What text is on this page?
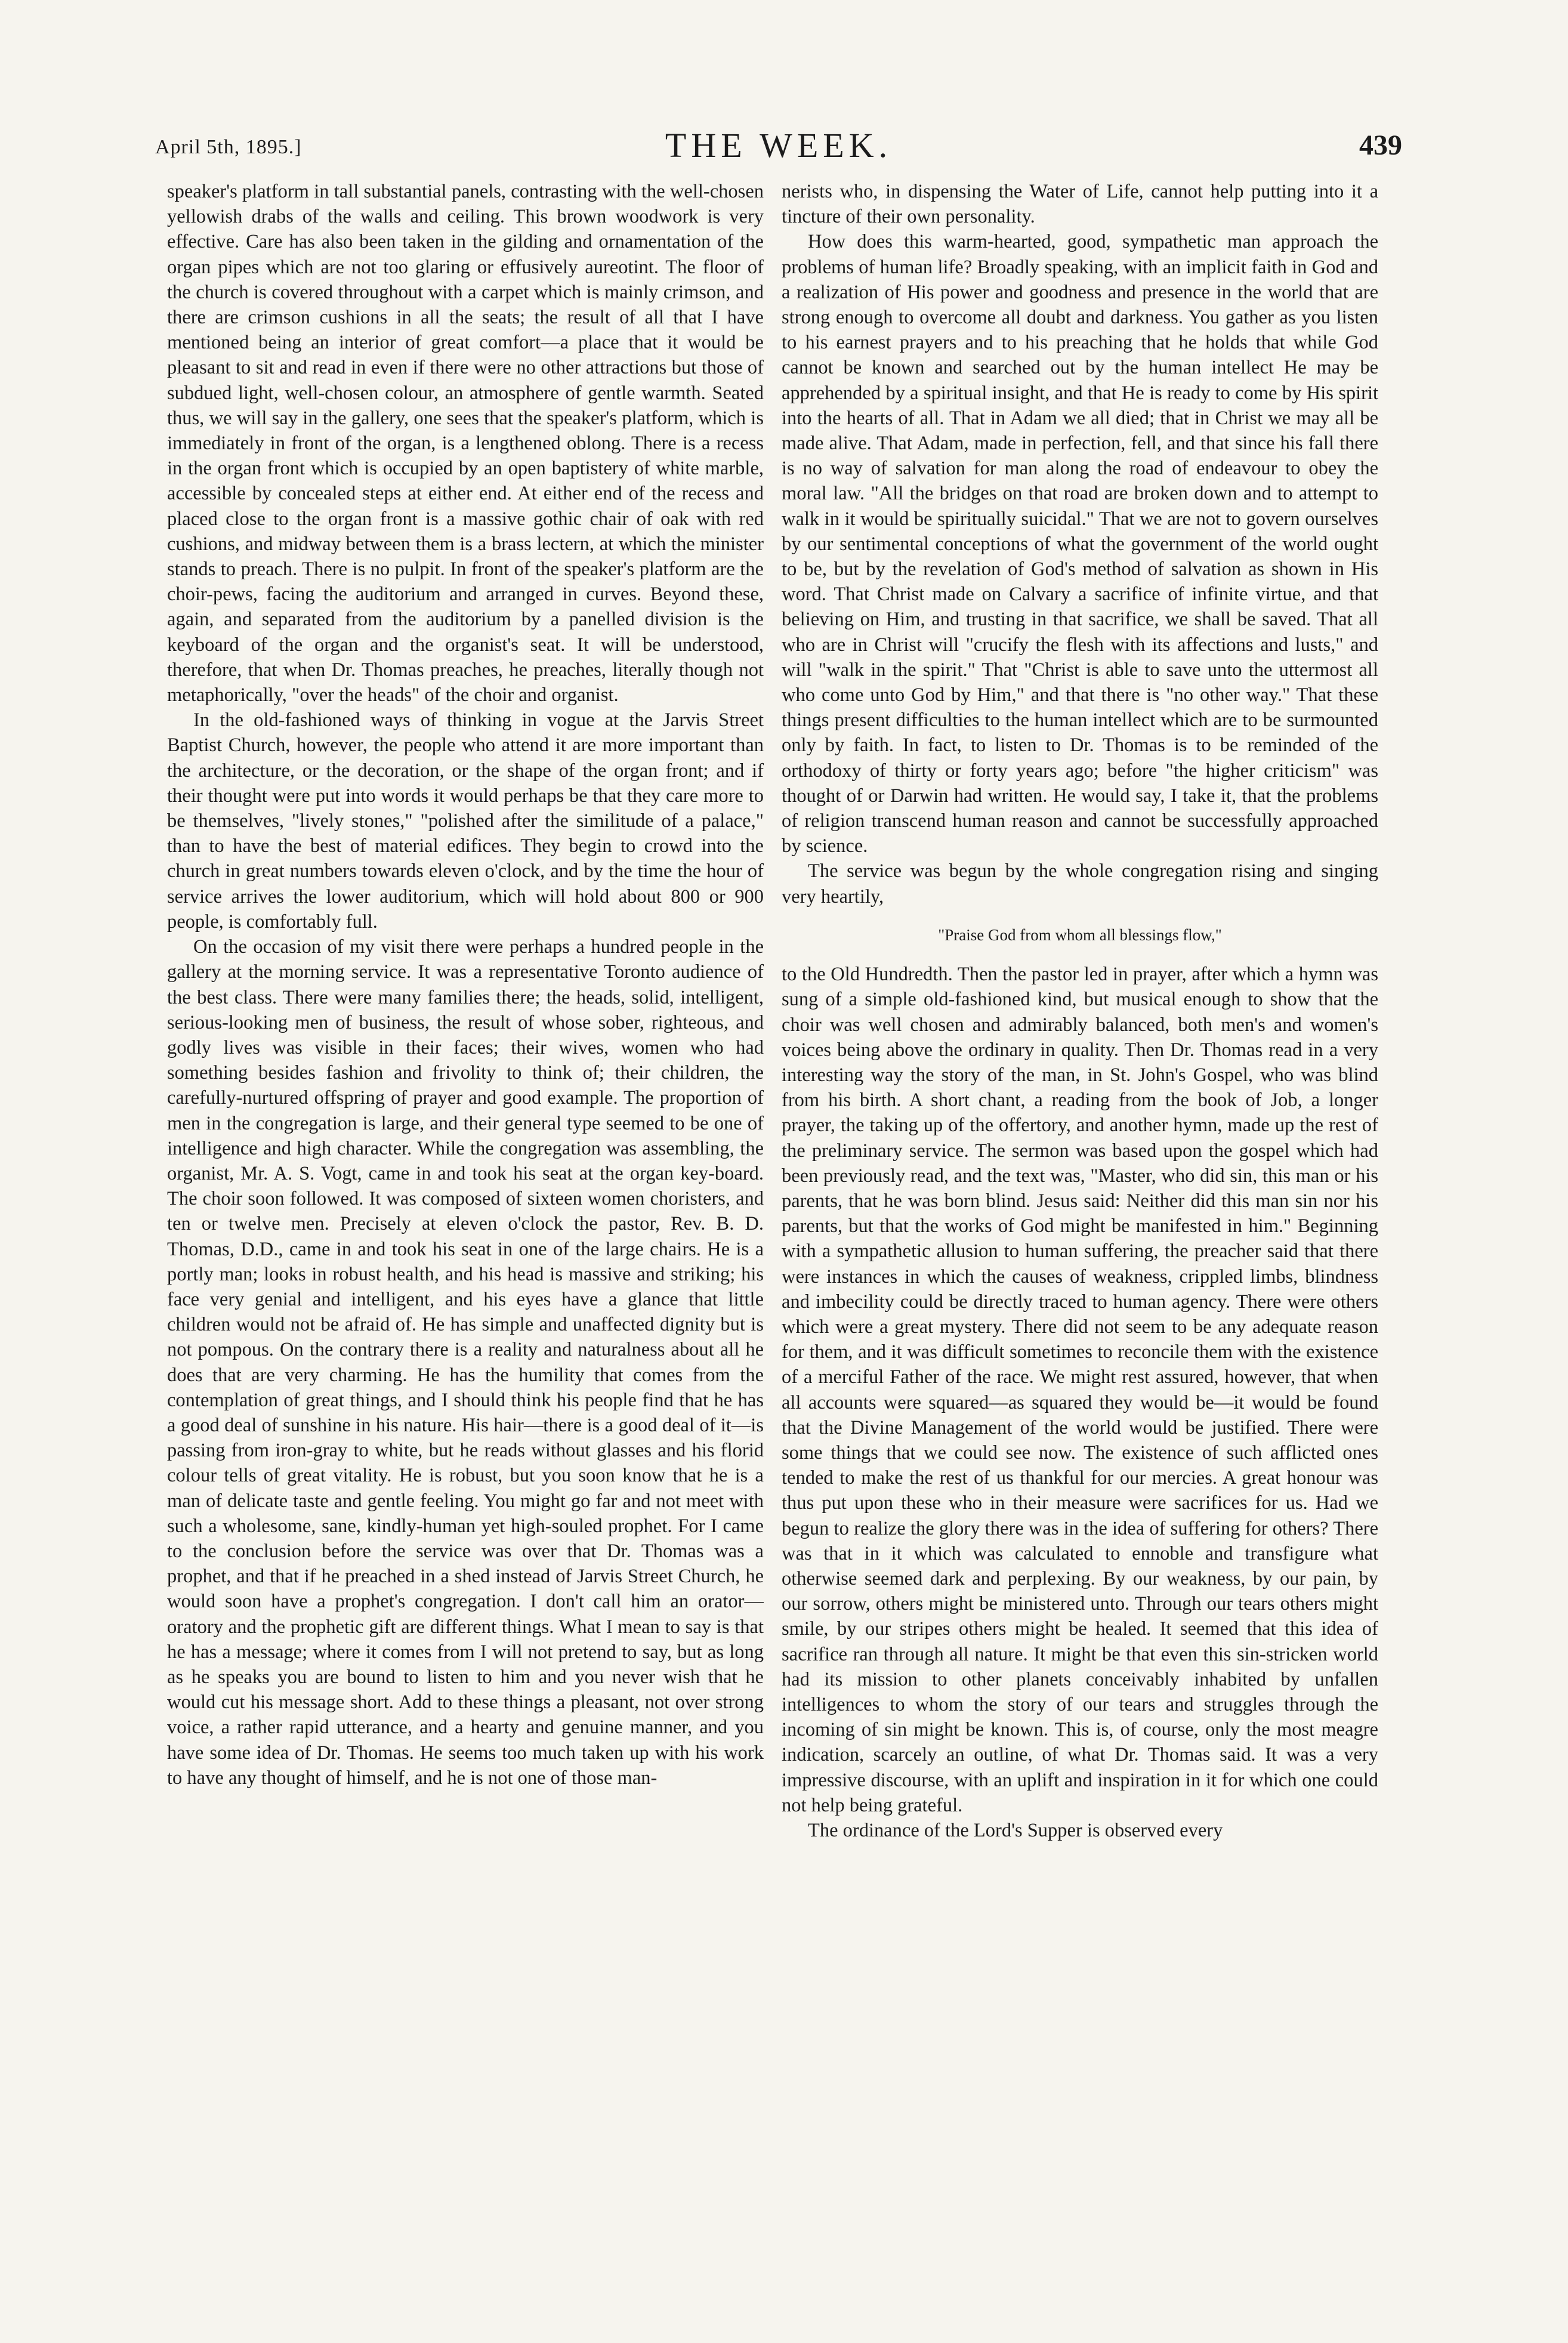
April 5th, 1895.]	THE WEEK.	439

speaker's platform in tall substantial panels, contrasting with the well-chosen yellowish drabs of the walls and ceiling. This brown woodwork is very effective. Care has also been taken in the gilding and ornamentation of the organ pipes which are not too glaring or effusively aureotint. The floor of the church is covered throughout with a carpet which is mainly crimson, and there are crimson cushions in all the seats; the result of all that I have mentioned being an interior of great comfort—a place that it would be pleasant to sit and read in even if there were no other attractions but those of subdued light, well-chosen colour, an atmosphere of gentle warmth. Seated thus, we will say in the gallery, one sees that the speaker's platform, which is immediately in front of the organ, is a lengthened oblong. There is a recess in the organ front which is occupied by an open baptistery of white marble, accessible by concealed steps at either end. At either end of the recess and placed close to the organ front is a massive gothic chair of oak with red cushions, and midway between them is a brass lectern, at which the minister stands to preach. There is no pulpit. In front of the speaker's platform are the choir-pews, facing the auditorium and arranged in curves. Beyond these, again, and separated from the auditorium by a panelled division is the keyboard of the organ and the organist's seat. It will be understood, therefore, that when Dr. Thomas preaches, he preaches, literally though not metaphorically, "over the heads" of the choir and organist.

In the old-fashioned ways of thinking in vogue at the Jarvis Street Baptist Church, however, the people who attend it are more important than the architecture, or the decoration, or the shape of the organ front; and if their thought were put into words it would perhaps be that they care more to be themselves, "lively stones," "polished after the similitude of a palace," than to have the best of material edifices. They begin to crowd into the church in great numbers towards eleven o'clock, and by the time the hour of service arrives the lower auditorium, which will hold about 800 or 900 people, is comfortably full.

On the occasion of my visit there were perhaps a hundred people in the gallery at the morning service. It was a representative Toronto audience of the best class. There were many families there; the heads, solid, intelligent, serious-looking men of business, the result of whose sober, righteous, and godly lives was visible in their faces; their wives, women who had something besides fashion and frivolity to think of; their children, the carefully-nurtured offspring of prayer and good example. The proportion of men in the congregation is large, and their general type seemed to be one of intelligence and high character. While the congregation was assembling, the organist, Mr. A. S. Vogt, came in and took his seat at the organ key-board. The choir soon followed. It was composed of sixteen women choristers, and ten or twelve men. Precisely at eleven o'clock the pastor, Rev. B. D. Thomas, D.D., came in and took his seat in one of the large chairs. He is a portly man; looks in robust health, and his head is massive and striking; his face very genial and intelligent, and his eyes have a glance that little children would not be afraid of. He has simple and unaffected dignity but is not pompous. On the contrary there is a reality and naturalness about all he does that are very charming. He has the humility that comes from the contemplation of great things, and I should think his people find that he has a good deal of sunshine in his nature. His hair—there is a good deal of it—is passing from iron-gray to white, but he reads without glasses and his florid colour tells of great vitality. He is robust, but you soon know that he is a man of delicate taste and gentle feeling. You might go far and not meet with such a wholesome, sane, kindly-human yet high-souled prophet. For I came to the conclusion before the service was over that Dr. Thomas was a prophet, and that if he preached in a shed instead of Jarvis Street Church, he would soon have a prophet's congregation. I don't call him an orator—oratory and the prophetic gift are different things. What I mean to say is that he has a message; where it comes from I will not pretend to say, but as long as he speaks you are bound to listen to him and you never wish that he would cut his message short. Add to these things a pleasant, not over strong voice, a rather rapid utterance, and a hearty and genuine manner, and you have some idea of Dr. Thomas. He seems too much taken up with his work to have any thought of himself, and he is not one of those man-

nerists who, in dispensing the Water of Life, cannot help putting into it a tincture of their own personality.

How does this warm-hearted, good, sympathetic man approach the problems of human life? Broadly speaking, with an implicit faith in God and a realization of His power and goodness and presence in the world that are strong enough to overcome all doubt and darkness. You gather as you listen to his earnest prayers and to his preaching that he holds that while God cannot be known and searched out by the human intellect He may be apprehended by a spiritual insight, and that He is ready to come by His spirit into the hearts of all. That in Adam we all died; that in Christ we may all be made alive. That Adam, made in perfection, fell, and that since his fall there is no way of salvation for man along the road of endeavour to obey the moral law. "All the bridges on that road are broken down and to attempt to walk in it would be spiritually suicidal." That we are not to govern ourselves by our sentimental conceptions of what the government of the world ought to be, but by the revelation of God's method of salvation as shown in His word. That Christ made on Calvary a sacrifice of infinite virtue, and that believing on Him, and trusting in that sacrifice, we shall be saved. That all who are in Christ will "crucify the flesh with its affections and lusts," and will "walk in the spirit." That "Christ is able to save unto the uttermost all who come unto God by Him," and that there is "no other way." That these things present difficulties to the human intellect which are to be surmounted only by faith. In fact, to listen to Dr. Thomas is to be reminded of the orthodoxy of thirty or forty years ago; before "the higher criticism" was thought of or Darwin had written. He would say, I take it, that the problems of religion transcend human reason and cannot be successfully approached by science.

The service was begun by the whole congregation rising and singing very heartily,

"Praise God from whom all blessings flow,"

to the Old Hundredth. Then the pastor led in prayer, after which a hymn was sung of a simple old-fashioned kind, but musical enough to show that the choir was well chosen and admirably balanced, both men's and women's voices being above the ordinary in quality. Then Dr. Thomas read in a very interesting way the story of the man, in St. John's Gospel, who was blind from his birth. A short chant, a reading from the book of Job, a longer prayer, the taking up of the offertory, and another hymn, made up the rest of the preliminary service. The sermon was based upon the gospel which had been previously read, and the text was, "Master, who did sin, this man or his parents, that he was born blind. Jesus said: Neither did this man sin nor his parents, but that the works of God might be manifested in him." Beginning with a sympathetic allusion to human suffering, the preacher said that there were instances in which the causes of weakness, crippled limbs, blindness and imbecility could be directly traced to human agency. There were others which were a great mystery. There did not seem to be any adequate reason for them, and it was difficult sometimes to reconcile them with the existence of a merciful Father of the race. We might rest assured, however, that when all accounts were squared—as squared they would be—it would be found that the Divine Management of the world would be justified. There were some things that we could see now. The existence of such afflicted ones tended to make the rest of us thankful for our mercies. A great honour was thus put upon these who in their measure were sacrifices for us. Had we begun to realize the glory there was in the idea of suffering for others? There was that in it which was calculated to ennoble and transfigure what otherwise seemed dark and perplexing. By our weakness, by our pain, by our sorrow, others might be ministered unto. Through our tears others might smile, by our stripes others might be healed. It seemed that this idea of sacrifice ran through all nature. It might be that even this sin-stricken world had its mission to other planets conceivably inhabited by unfallen intelligences to whom the story of our tears and struggles through the incoming of sin might be known. This is, of course, only the most meagre indication, scarcely an outline, of what Dr. Thomas said. It was a very impressive discourse, with an uplift and inspiration in it for which one could not help being grateful.

The ordinance of the Lord's Supper is observed every
